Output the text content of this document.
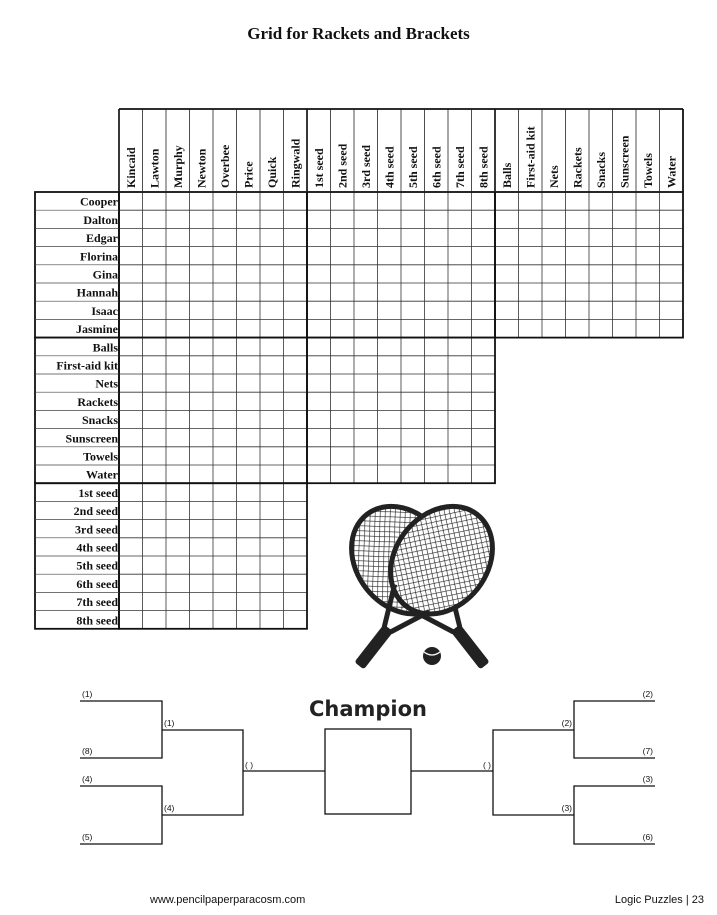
Grid for Rackets and Brackets
Kincaid Lawton Murphy Newton Overbee Price Quick Ringwald 1st seed 2nd seed 3rd seed 4th seed 5th seed 6th seed 7th seed 8th seed Balls First-aid kit Nets Rackets Snacks Sunscreen Towels Water
Cooper
Dalton
Edgar
Florina
Gina
Hannah
Isaac
Jasmine
Balls
First-aid kit
Nets
Rackets
Snacks
Sunscreen
Towels
Water
1st seed
2nd seed
3rd seed
4th seed
5th seed
6th seed
7th seed
8th seed
Champion
(1)
(8)
(4)
(5)
(1)
(4)
( )
(2)
(7)
(3)
(6)
(2)
(3)
( )
www.pencilpaperparacosm.com	Logic Puzzles | 23
